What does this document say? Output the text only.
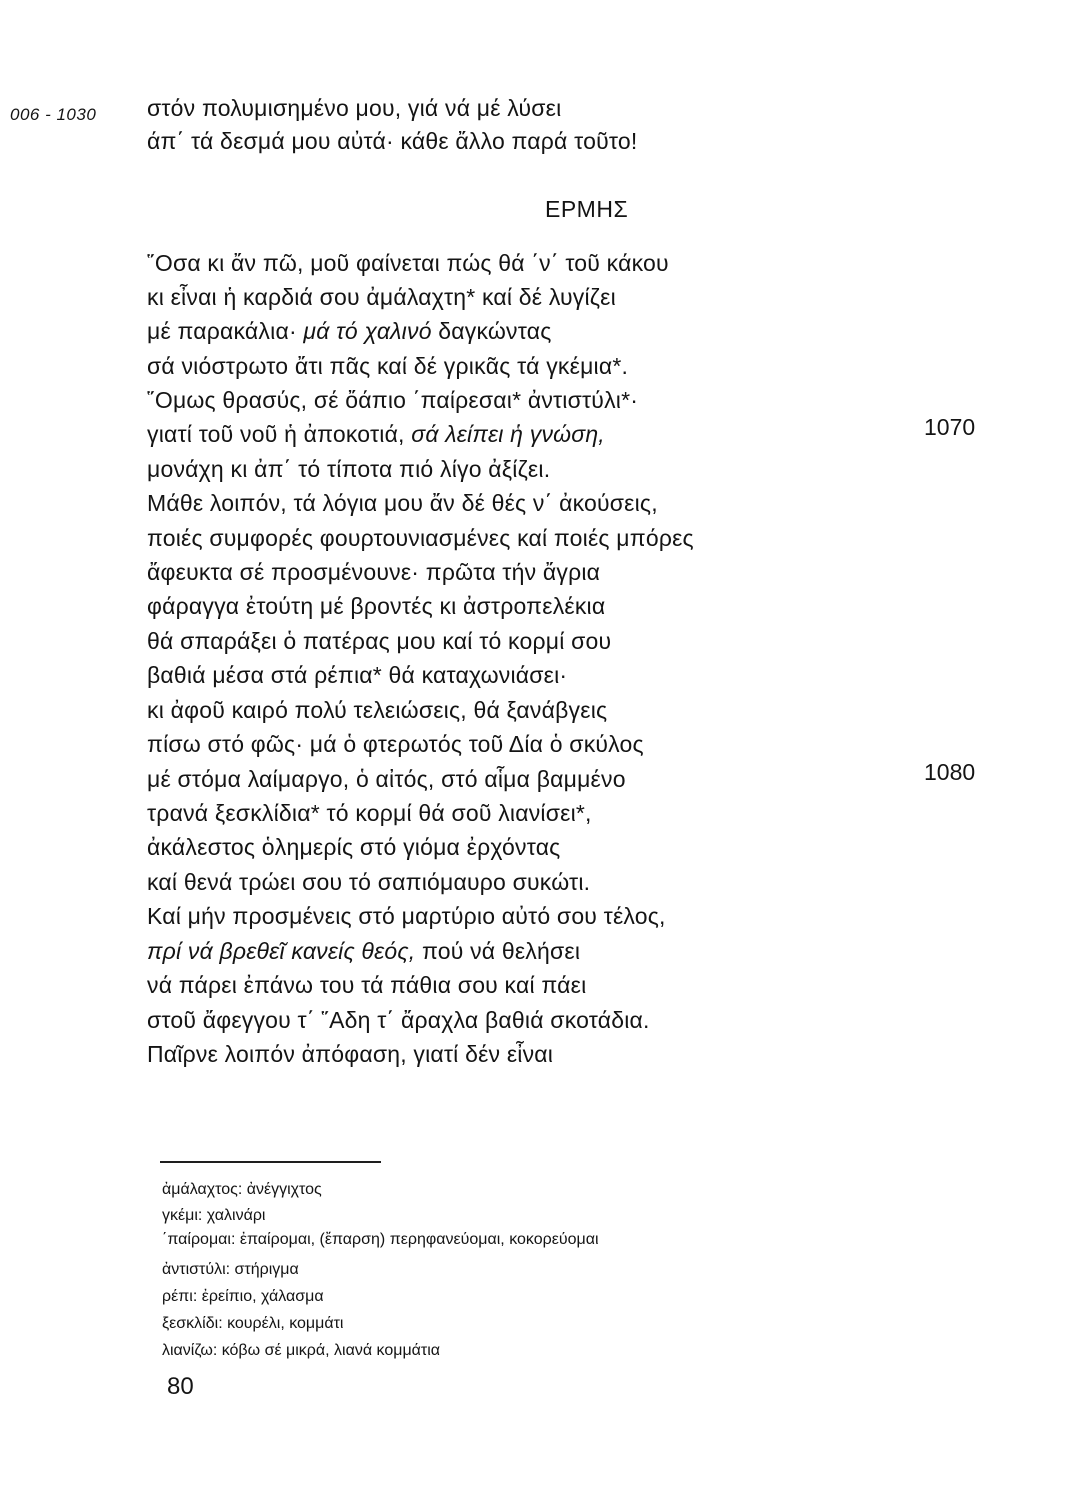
006 - 1030 στόν πολυμισημένο μου, γιά νά μέ λύσει
άπ΄ τά δεσμά μου αὐτά· κάθε ἄλλο παρά τοῦτο!
ΕΡΜΗΣ
῞Οσα κι ἄν πῶ, μοῦ φαίνεται πώς θά ΄ν΄ τοῦ κάκου
κι εἶναι ἡ καρδιά σου ἀμάλαχτη* καί δέ λυγίζει
μέ παρακάλια· μά τό χαλινό δαγκώντας
σά νιόστρωτο ἄτι πᾶς καί δέ γρικᾶς τά γκέμια*.
῞Ομως θρασύς, σέ ὄάπιο ΄παίρεσαι* ἀντιστύλι*·
γιατί τοῦ νοῦ ἡ ἀποκοτιά, σά λείπει ἡ γνώση,
μονάχη κι ἀπ΄ τό τίποτα πιό λίγο ἀξίζει.
Μάθε λοιπόν, τά λόγια μου ἄν δέ θές ν΄ ἀκούσεις,
ποιές συμφορές φουρτουνιασμένες καί ποιές μπόρες
ἄφευκτα σέ προσμένουνε· πρῶτα τήν ἄγρια
φάραγγα ἐτούτη μέ βροντές κι ἀστροπελέκια
θά σπαράξει ὁ πατέρας μου καί τό κορμί σου
βαθιά μέσα στά ρέπια* θά καταχωνιάσει·
κι ἀφοῦ καιρό πολύ τελειώσεις, θά ξανάβγεις
πίσω στό φῶς· μά ὁ φτερωτός τοῦ Δία ὁ σκύλος
μέ στόμα λαίμαργο, ὁ αἰτός, στό αἷμα βαμμένο
τρανά ξεσκλίδια* τό κορμί θά σοῦ λιανίσει*,
ἀκάλεστος ὁλημερίς στό γιόμα ἐρχόντας
καί θενά τρώει σου τό σαπιόμαυρο συκώτι.
Καί μήν προσμένεις στό μαρτύριο αὐτό σου τέλος,
πρί νά βρεθεῖ κανείς θεός, πού νά θελήσει
νά πάρει ἐπάνω του τά πάθια σου καί πάει
στοῦ ἄφεγγου τ΄ ῞Αδη τ΄ ἄραχλα βαθιά σκοτάδια.
Παῖρνε λοιπόν ἀπόφαση, γιατί δέν εἶναι
1070
1080
ἀμάλαχτος: ἀνέγγιχτος
γκέμι: χαλινάρι
΄παίρομαι: ἐπαίρομαι, (ἔπαρση) περηφανεύομαι, κοκορεύομαι
ἀντιστύλι: στήριγμα
ρέπι: ἐρείπιο, χάλασμα
ξεσκλίδι: κουρέλι, κομμάτι
λιανίζω: κόβω σέ μικρά, λιανά κομμάτια
80
